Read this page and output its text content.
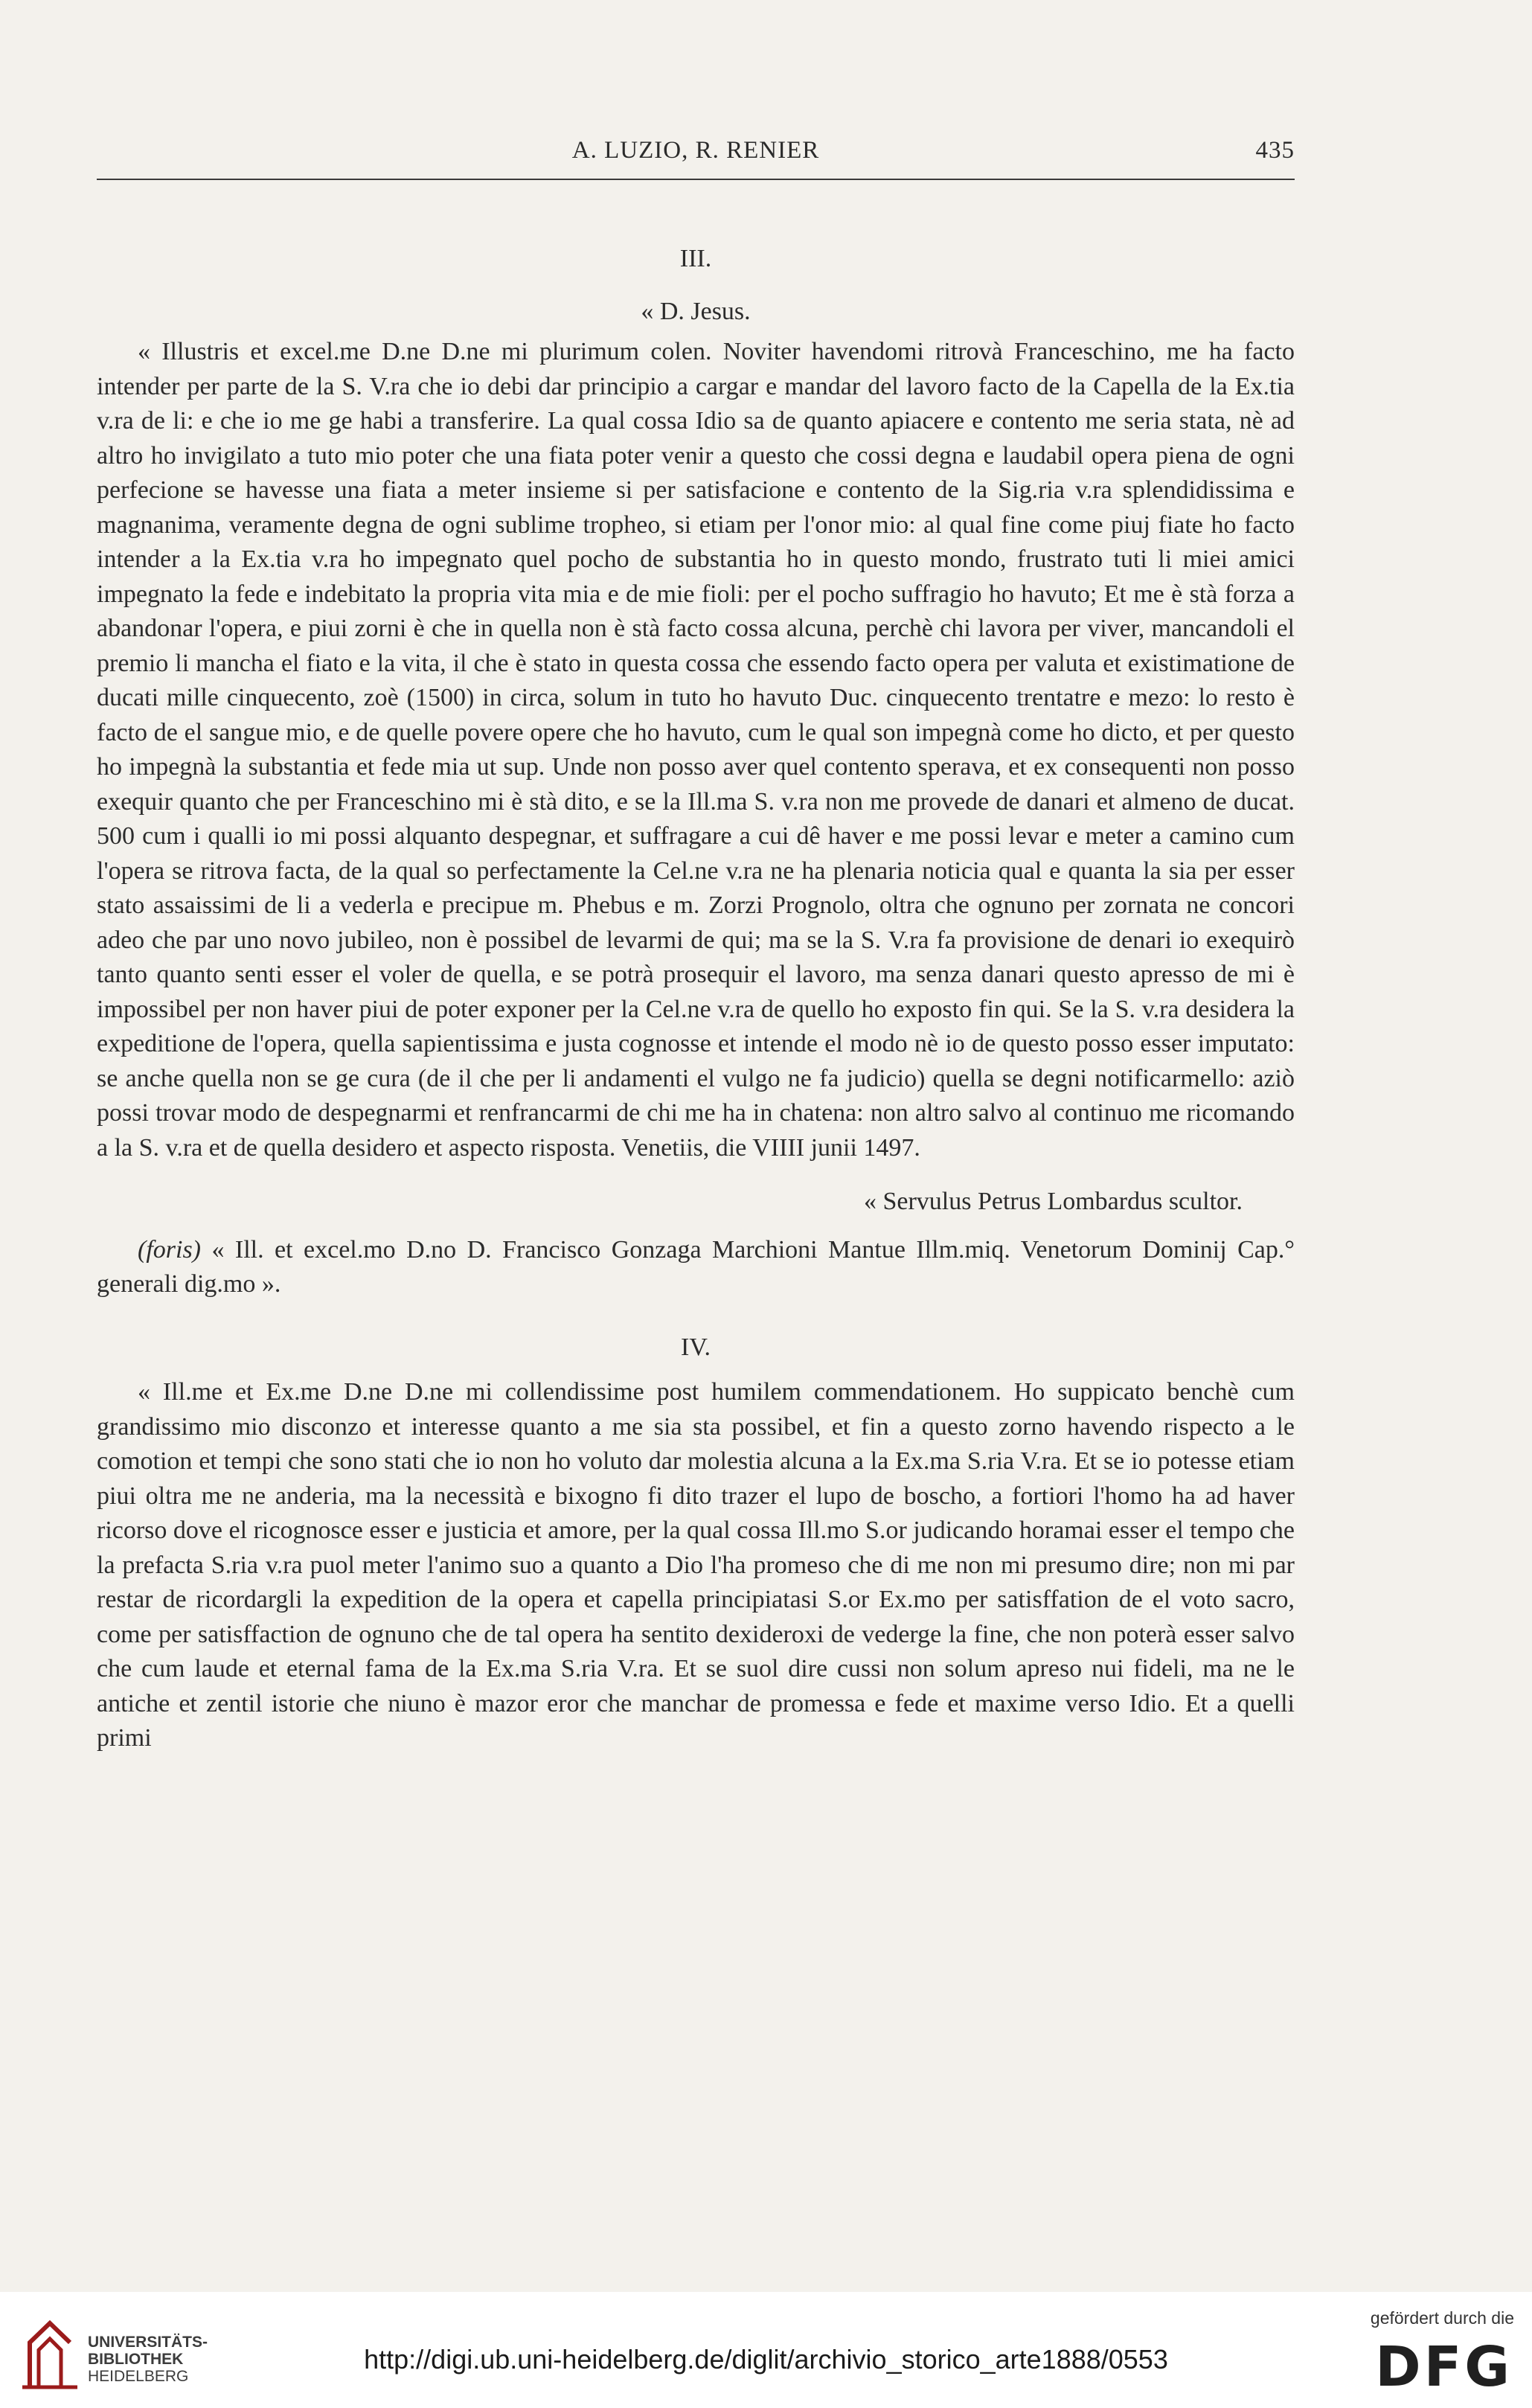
A. LUZIO, R. RENIER	435
III.
« D. Jesus.

« Illustris et excel.me D.ne D.ne mi plurimum colen. Noviter havendomi ritrovà Franceschino, me ha facto intender per parte de la S. V.ra che io debi dar principio a cargar e mandar del lavoro facto de la Capella de la Ex.tia v.ra de li: e che io me ge habi a transferire. La qual cossa Idio sa de quanto apiacere e contento me seria stata, nè ad altro ho invigilato a tuto mio poter che una fiata poter venir a questo che cossi degna e laudabil opera piena de ogni perfecione se havesse una fiata a meter insieme si per satisfacione e contento de la Sig.ria v.ra splendidissima e magnanima, veramente degna de ogni sublime tropheo, si etiam per l'onor mio: al qual fine come piuj fiate ho facto intender a la Ex.tia v.ra ho impegnato quel pocho de substantia ho in questo mondo, frustrato tuti li miei amici impegnato la fede e indebitato la propria vita mia e de mie fioli: per el pocho suffragio ho havuto; Et me è stà forza a abandonar l'opera, e piui zorni è che in quella non è stà facto cossa alcuna, perchè chi lavora per viver, mancandoli el premio li mancha el fiato e la vita, il che è stato in questa cossa che essendo facto opera per valuta et existimatione de ducati mille cinquecento, zoè (1500) in circa, solum in tuto ho havuto Duc. cinquecento trentatre e mezo: lo resto è facto de el sangue mio, e de quelle povere opere che ho havuto, cum le qual son impegnà come ho dicto, et per questo ho impegnà la substantia et fede mia ut sup. Unde non posso aver quel contento sperava, et ex consequenti non posso exequir quanto che per Franceschino mi è stà dito, e se la Ill.ma S. v.ra non me provede de danari et almeno de ducat. 500 cum i qualli io mi possi alquanto despegnar, et suffragare a cui dê haver e me possi levar e meter a camino cum l'opera se ritrova facta, de la qual so perfectamente la Cel.ne v.ra ne ha plenaria noticia qual e quanta la sia per esser stato assaissimi de li a vederla e precipue m. Phebus e m. Zorzi Prognolo, oltra che ognuno per zornata ne concori adeo che par uno novo jubileo, non è possibel de levarmi de qui; ma se la S. V.ra fa provisione de denari io exequirò tanto quanto senti esser el voler de quella, e se potrà prosequir el lavoro, ma senza danari questo apresso de mi è impossibel per non haver piui de poter exponer per la Cel.ne v.ra de quello ho exposto fin qui. Se la S. v.ra desidera la expeditione de l'opera, quella sapientissima e justa cognosse et intende el modo nè io de questo posso esser imputato: se anche quella non se ge cura (de il che per li andamenti el vulgo ne fa judicio) quella se degni notificarmello: aziò possi trovar modo de despegnarmi et renfrancarmi de chi me ha in chatena: non altro salvo al continuo me ricomando a la S. v.ra et de quella desidero et aspecto risposta. Venetiis, die VIIII junii 1497.

« Servulus Petrus Lombardus scultor.

(foris) « Ill. et excel.mo D.no D. Francisco Gonzaga Marchioni Mantue Illm.miq. Venetorum Dominij Cap.° generali dig.mo ».

IV.

« Ill.me et Ex.me D.ne D.ne mi collendissime post humilem commendationem. Ho suppicato benchè cum grandissimo mio disconzo et interesse quanto a me sia sta possibel, et fin a questo zorno havendo rispecto a le comotion et tempi che sono stati che io non ho voluto dar molestia alcuna a la Ex.ma S.ria V.ra. Et se io potesse etiam piui oltra me ne anderia, ma la necessità e bixogno fi dito trazer el lupo de boscho, a fortiori l'homo ha ad haver ricorso dove el ricognosce esser e justicia et amore, per la qual cossa Ill.mo S.or judicando horamai esser el tempo che la prefacta S.ria v.ra puol meter l'animo suo a quanto a Dio l'ha promeso che di me non mi presumo dire; non mi par restar de ricordargli la expedition de la opera et capella principiatasi S.or Ex.mo per satisffation de el voto sacro, come per satisffaction de ognuno che de tal opera ha sentito dexideroxi de vederge la fine, che non poterà esser salvo che cum laude et eternal fama de la Ex.ma S.ria V.ra. Et se suol dire cussi non solum apreso nui fideli, ma ne le antiche et zentil istorie che niuno è mazor eror che manchar de promessa e fede et maxime verso Idio. Et a quelli primi

UNIVERSITÄTS-
BIBLIOTHEK
HEIDELBERG
http://digi.ub.uni-heidelberg.de/diglit/archivio_storico_arte1888/0553
gefördert durch die
DFG
